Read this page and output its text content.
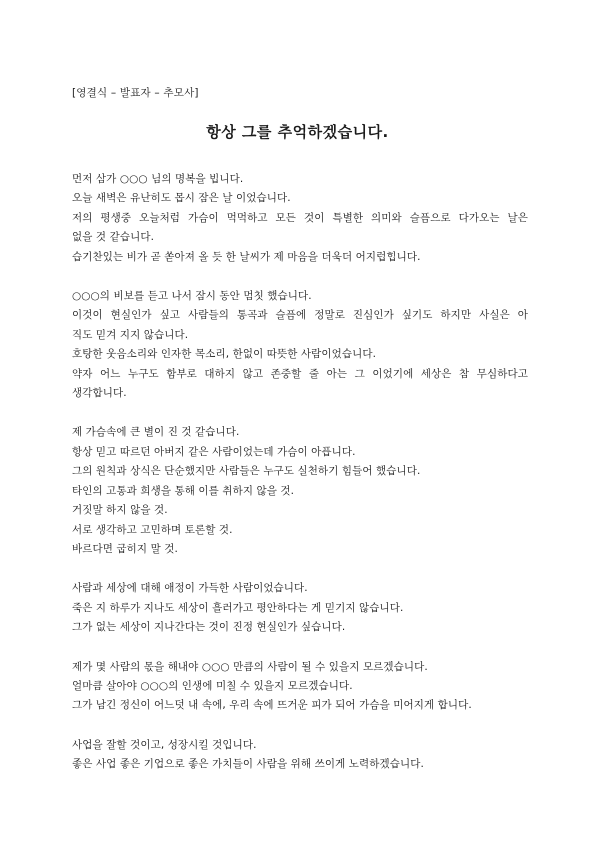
[영결식 – 발표자 – 추모사]
항상 그를 추억하겠습니다.
먼저 삼가 ○○○ 님의 명복을 빕니다.
오늘 새벽은 유난히도 몹시 잠은 날 이었습니다.
저의 평생중 오늘처럼 가슴이 먹먹하고 모든 것이 특별한 의미와 슬픔으로 다가오는 날은
없을 것 같습니다.
습기찬있는 비가 곧 쏟아져 올 듯 한 날씨가 제 마음을 더욱더 어지럽힙니다.
○○○의 비보를 듣고 나서 잠시 동안 멈칫 했습니다.
이것이 현실인가 싶고 사람들의 통곡과 슬픔에 정말로 진심인가 싶기도 하지만 사실은 아
직도 믿겨 지지 않습니다.
호탕한 웃음소리와 인자한 목소리, 한없이 따뜻한 사람이었습니다.
약자 어느 누구도 함부로 대하지 않고 존중할 줄 아는 그 이었기에 세상은 참 무심하다고
생각합니다.
제 가슴속에 큰 별이 진 것 같습니다.
항상 믿고 따르던 아버지 같은 사람이었는데 가슴이 아픕니다.
그의 원칙과 상식은 단순했지만 사람들은 누구도 실천하기 힘들어 했습니다.
타인의 고통과 희생을 통해 이를 취하지 않을 것.
거짓말 하지 않을 것.
서로 생각하고 고민하며 토론할 것.
바르다면 굽히지 말 것.
사람과 세상에 대해 애정이 가득한 사람이었습니다.
죽은 지 하루가 지나도 세상이 흘러가고 평안하다는 게 믿기지 않습니다.
그가 없는 세상이 지나간다는 것이 진정 현실인가 싶습니다.
제가 몇 사람의 몫을 해내야 ○○○ 만큼의 사람이 될 수 있을지 모르겠습니다.
얼마큼 살아야 ○○○의 인생에 미칠 수 있을지 모르겠습니다.
그가 남긴 정신이 어느덧 내 속에, 우리 속에 뜨거운 피가 되어 가슴을 미어지게 합니다.
사업을 잘할 것이고, 성장시킬 것입니다.
좋은 사업 좋은 기업으로 좋은 가치들이 사람을 위해 쓰이게 노력하겠습니다.
